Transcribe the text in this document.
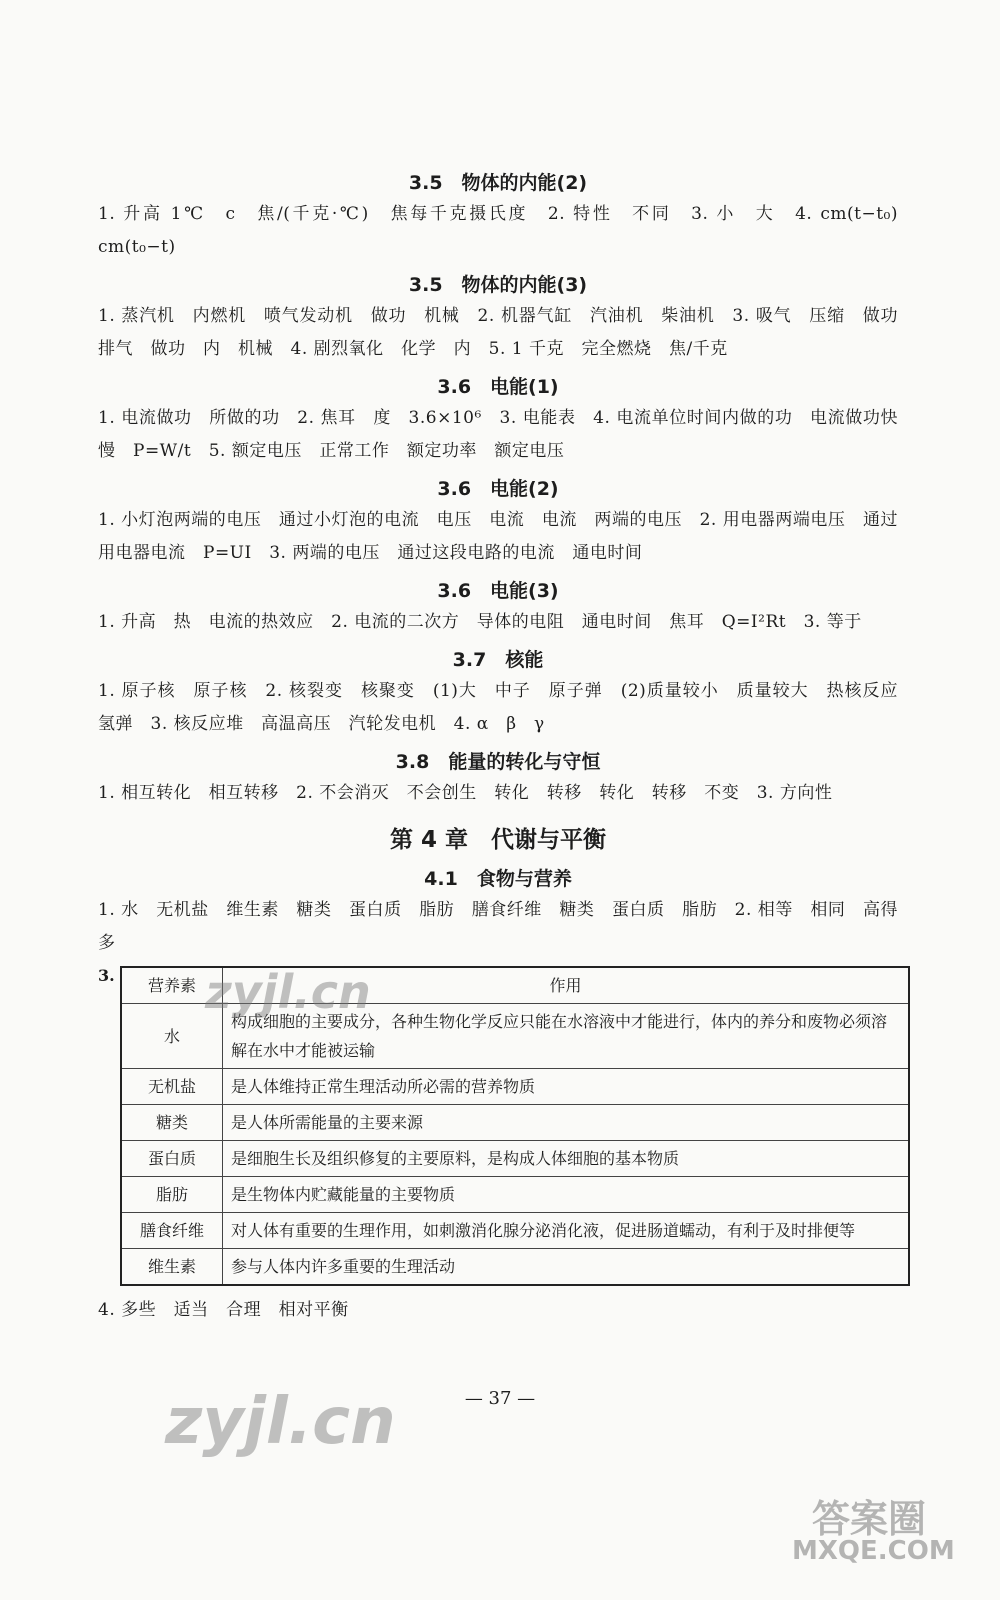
3.5　物体的内能(2)

1. 升高 1℃　c　焦/(千克·℃)　焦每千克摄氏度　2. 特性　不同　3. 小　大　4. cm(t−t₀)　cm(t₀−t)

3.5　物体的内能(3)

1. 蒸汽机　内燃机　喷气发动机　做功　机械　2. 机器气缸　汽油机　柴油机　3. 吸气　压缩　做功　排气　做功　内　机械　4. 剧烈氧化　化学　内　5. 1 千克　完全燃烧　焦/千克

3.6　电能(1)

1. 电流做功　所做的功　2. 焦耳　度　3.6×10⁶　3. 电能表　4. 电流单位时间内做的功　电流做功快慢　P=W/t　5. 额定电压　正常工作　额定功率　额定电压

3.6　电能(2)

1. 小灯泡两端的电压　通过小灯泡的电流　电压　电流　电流　两端的电压　2. 用电器两端电压　通过用电器电流　P=UI　3. 两端的电压　通过这段电路的电流　通电时间

3.6　电能(3)

1. 升高　热　电流的热效应　2. 电流的二次方　导体的电阻　通电时间　焦耳　Q=I²Rt　3. 等于

3.7　核能

1. 原子核　原子核　2. 核裂变　核聚变　(1)大　中子　原子弹　(2)质量较小　质量较大　热核反应　氢弹　3. 核反应堆　高温高压　汽轮发电机　4. α　β　γ

3.8　能量的转化与守恒

1. 相互转化　相互转移　2. 不会消灭　不会创生　转化　转移　转化　转移　不变　3. 方向性

第 4 章　代谢与平衡
4.1　食物与营养

1. 水　无机盐　维生素　糖类　蛋白质　脂肪　膳食纤维　糖类　蛋白质　脂肪　2. 相等　相同　高得多

3.
营养素	作用
水	构成细胞的主要成分，各种生物化学反应只能在水溶液中才能进行，体内的养分和废物必须溶解在水中才能被运输
无机盐	是人体维持正常生理活动所必需的营养物质
糖类	是人体所需能量的主要来源
蛋白质	是细胞生长及组织修复的主要原料，是构成人体细胞的基本物质
脂肪	是生物体内贮藏能量的主要物质
膳食纤维	对人体有重要的生理作用，如刺激消化腺分泌消化液，促进肠道蠕动，有利于及时排便等
维生素	参与人体内许多重要的生理活动

4. 多些　适当　合理　相对平衡

— 37 —
zyjl.cn
zyjl.cn
答案圈
MXQE.COM
